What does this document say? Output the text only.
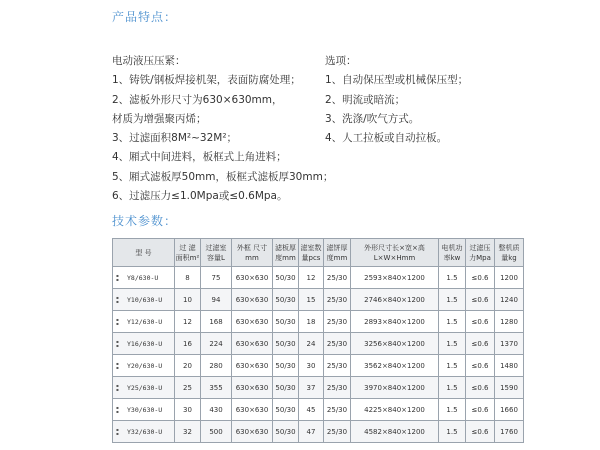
产品特点：
电动液压压紧：
1、铸铁/钢板焊接机架，表面防腐处理；
2、滤板外形尺寸为630×630mm，
材质为增强聚丙烯；
3、过滤面积8M²~32M²；
4、厢式中间进料，板框式上角进料；
5、厢式滤板厚50mm，板框式滤板厚30mm；
6、过滤压力≤1.0Mpa或≤0.6Mpa。
选项：
1、自动保压型或机械保压型；
2、明流或暗流；
3、洗涤/吹气方式。
4、人工拉板或自动拉板。
技术参数：
型 号	过 滤 面积m²	过滤室 容量L	外框 尺寸mm	滤板厚 度mm	滤室数 量pcs	滤饼厚 度mm	外形尺寸长×宽×高 L×W×Hmm	电机功 率kw	过滤压 力Mpa	整机质 量kg
▪
▪ Y8/630-U	8	75	630×630	50/30	12	25/30	2593×840×1200	1.5	≤0.6	1200
▪
▪ Y10/630-U	10	94	630×630	50/30	15	25/30	2746×840×1200	1.5	≤0.6	1240
▪
▪ Y12/630-U	12	168	630×630	50/30	18	25/30	2893×840×1200	1.5	≤0.6	1280
▪
▪ Y16/630-U	16	224	630×630	50/30	24	25/30	3256×840×1200	1.5	≤0.6	1370
▪
▪ Y20/630-U	20	280	630×630	50/30	30	25/30	3562×840×1200	1.5	≤0.6	1480
▪
▪ Y25/630-U	25	355	630×630	50/30	37	25/30	3970×840×1200	1.5	≤0.6	1590
▪
▪ Y30/630-U	30	430	630×630	50/30	45	25/30	4225×840×1200	1.5	≤0.6	1660
▪
▪ Y32/630-U	32	500	630×630	50/30	47	25/30	4582×840×1200	1.5	≤0.6	1760
